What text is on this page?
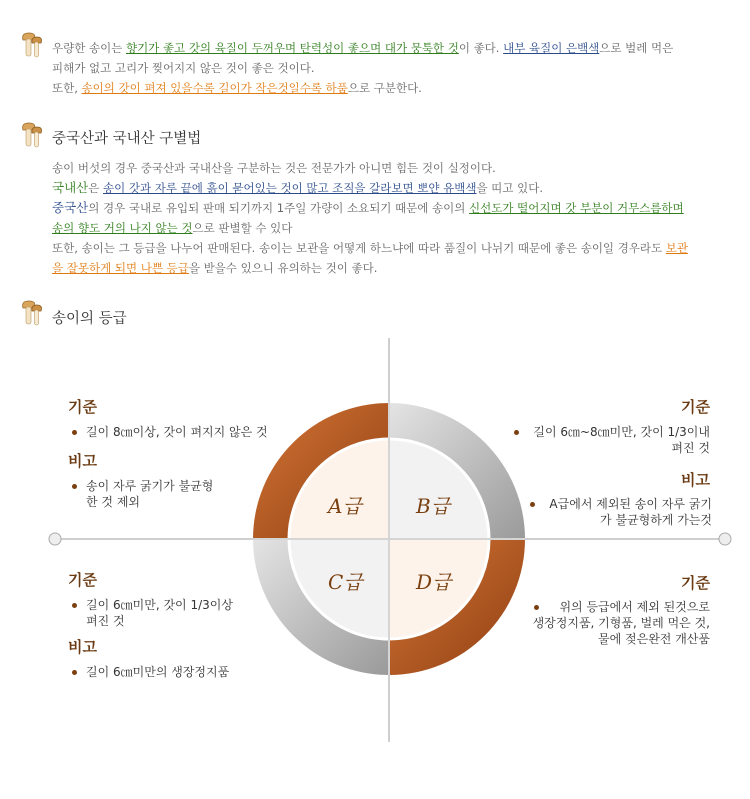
우량한 송이는 향기가 좋고 갓의 육질이 두꺼우며 탄력성이 좋으며 대가 뭉툭한 것이 좋다. 내부 육질이 은백색으로 벌레 먹은
피해가 없고 고리가 찢어지지 않은 것이 좋은 것이다.
또한, 송이의 갓이 펴져 있을수록 길이가 작은것일수록 하품으로 구분한다.
중국산과 국내산 구별법
송이 버섯의 경우 중국산과 국내산을 구분하는 것은 전문가가 아니면 힘든 것이 실정이다.
국내산은 송이 갓과 자루 끝에 흙이 묻어있는 것이 많고 조직을 갈라보면 뽀얀 유백색을 띠고 있다.
중국산의 경우 국내로 유입되 판매 되기까지 1주일 가량이 소요되기 때문에 송이의 신선도가 떨어지며 갓 부분이 거무스름하며
송의 향도 거의 나지 않는 것으로 판별할 수 있다
또한, 송이는 그 등급을 나누어 판매된다. 송이는 보관을 어떻게 하느냐에 따라 품질이 나뉘기 때문에 좋은 송이일 경우라도 보관
을 잘못하게 되면 나쁜 등급을 받을수 있으니 유의하는 것이 좋다.
송이의 등급
A급	B급
C급	D급
기준
길이 8㎝이상, 갓이 펴지지 않은 것
비고
송이 자루 굵기가 불균형
한 것 제외
기준
길이 6㎝~8㎝미만, 갓이 1/3이내
펴진 것
비고
A급에서 제외된 송이 자루 굵기
가 불균형하게 가는것
기준
길이 6㎝미만, 갓이 1/3이상
펴진 것
비고
길이 6㎝미만의 생장정지품
기준
위의 등급에서 제외 된것으로
생장정지품, 기형품, 벌레 먹은 것,
물에 젖은완전 개산품
